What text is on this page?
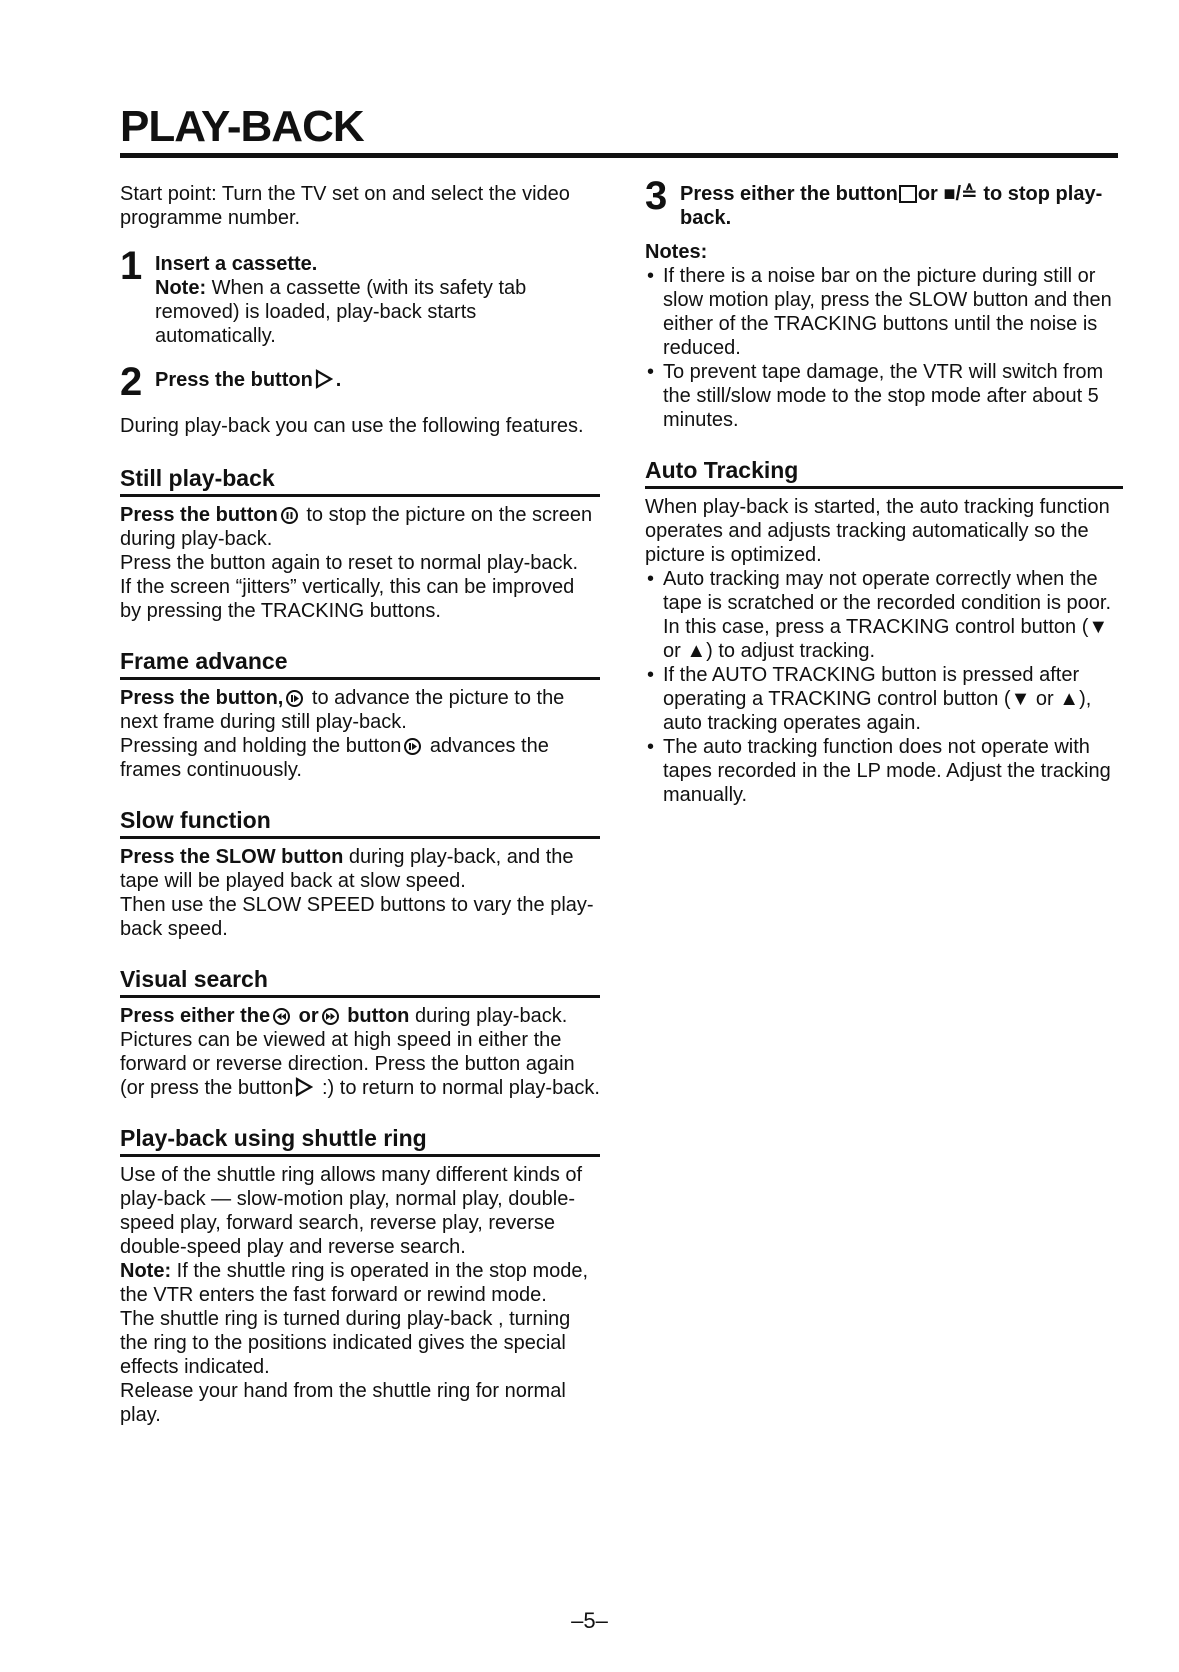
PLAY-BACK

Start point: Turn the TV set on and select the video programme number.

1 Insert a cassette.

Note: When a cassette (with its safety tab removed) is loaded, play-back starts automatically.

2 Press the button .

During play-back you can use the following features.

Still play-back

Press the button
to stop the picture on the screen during play-back.

Press the button again to reset to normal play-back.

If the screen “jitters” vertically, this can be improved by pressing the TRACKING buttons.

Frame advance

Press the button,
to advance the picture to the next frame during still play-back.

Pressing and holding the button
advances the frames continuously.

Slow function

Press the SLOW button during play-back, and the tape will be played back at slow speed.

Then use the SLOW SPEED buttons to vary the play-back speed.

Visual search

Press either the
or
button during play-back.

Pictures can be viewed at high speed in either the forward or reverse direction. Press the button again (or press the button :) to return to normal play-back.

Play-back using shuttle ring

Use of the shuttle ring allows many different kinds of play-back — slow-motion play, normal play, double-speed play, forward search, reverse play, reverse double-speed play and reverse search.

Note: If the shuttle ring is operated in the stop mode, the VTR enters the fast forward or rewind mode.

The shuttle ring is turned during play-back , turning the ring to the positions indicated gives the special effects indicated.

Release your hand from the shuttle ring for normal play.

3 Press either the button or ■/≙ to stop play-back.

Notes:

• If there is a noise bar on the picture during still or slow motion play, press the SLOW button and then either of the TRACKING buttons until the noise is reduced.
• To prevent tape damage, the VTR will switch from the still/slow mode to the stop mode after about 5 minutes.
Auto Tracking

When play-back is started, the auto tracking function operates and adjusts tracking automatically so the picture is optimized.

• Auto tracking may not operate correctly when the tape is scratched or the recorded condition is poor. In this case, press a TRACKING control button (▼ or ▲) to adjust tracking.
• If the AUTO TRACKING button is pressed after operating a TRACKING control button (▼ or ▲), auto tracking operates again.
• The auto tracking function does not operate with tapes recorded in the LP mode. Adjust the tracking manually.
–5–
